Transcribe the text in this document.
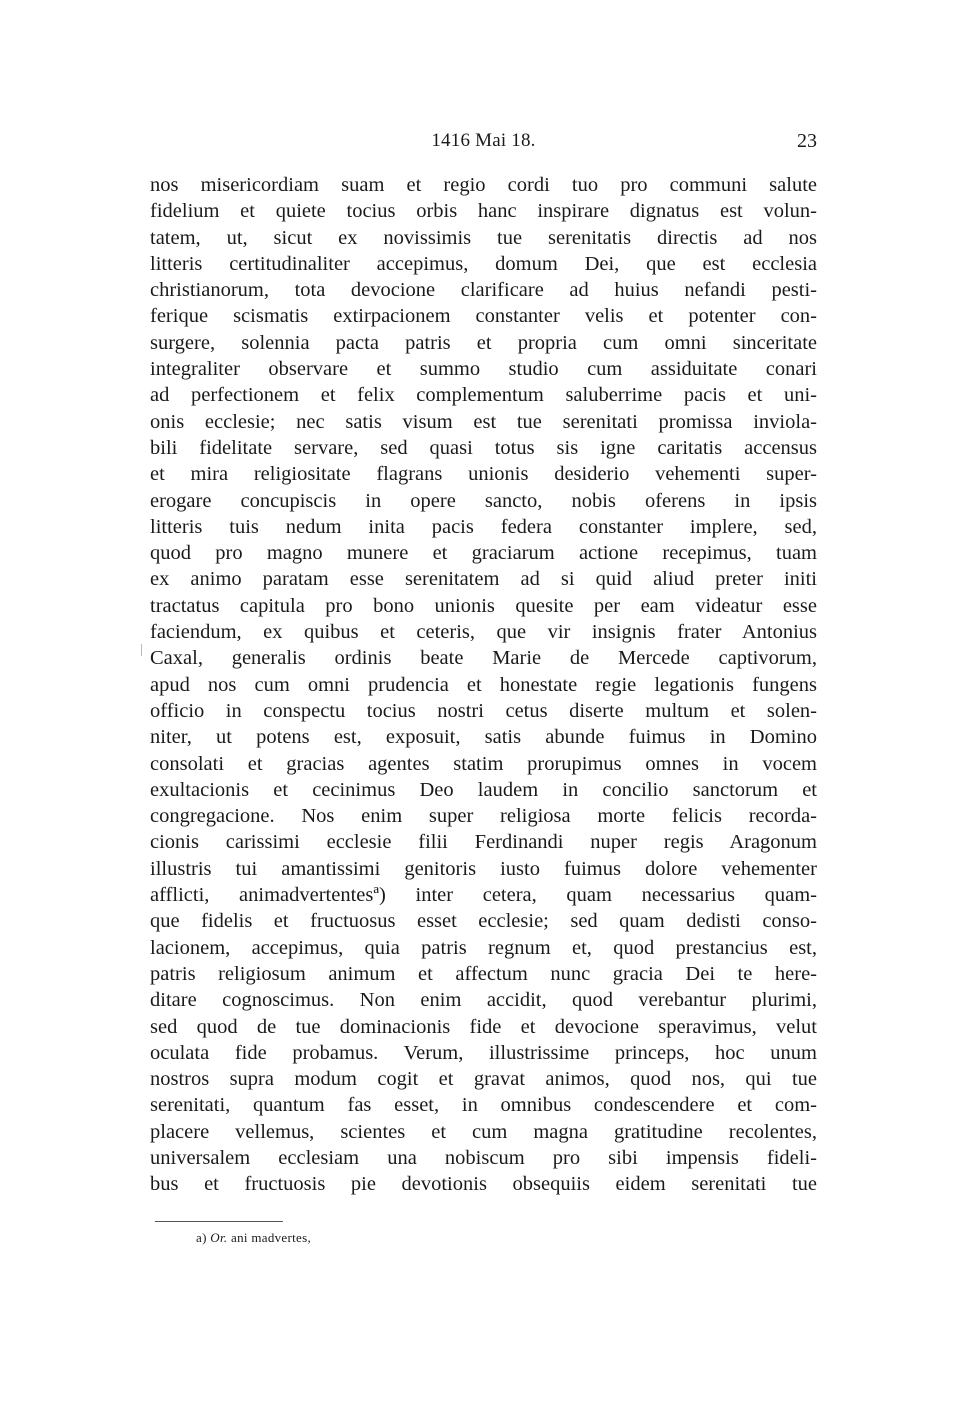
1416 Mai 18.	23
nos misericordiam suam et regio cordi tuo pro communi salute
fidelium et quiete tocius orbis hanc inspirare dignatus est volun-
tatem, ut, sicut ex novissimis tue serenitatis directis ad nos
litteris certitudinaliter accepimus, domum Dei, que est ecclesia
christianorum, tota devocione clarificare ad huius nefandi pesti-
ferique scismatis extirpacionem constanter velis et potenter con-
surgere, solennia pacta patris et propria cum omni sinceritate
integraliter observare et summo studio cum assiduitate conari
ad perfectionem et felix complementum saluberrime pacis et uni-
onis ecclesie; nec satis visum est tue serenitati promissa inviola-
bili fidelitate servare, sed quasi totus sis igne caritatis accensus
et mira religiositate flagrans unionis desiderio vehementi super-
erogare concupiscis in opere sancto, nobis oferens in ipsis
litteris tuis nedum inita pacis federa constanter implere, sed,
quod pro magno munere et graciarum actione recepimus, tuam
ex animo paratam esse serenitatem ad si quid aliud preter initi
tractatus capitula pro bono unionis quesite per eam videatur esse
faciendum, ex quibus et ceteris, que vir insignis frater Antonius
Caxal, generalis ordinis beate Marie de Mercede captivorum,
apud nos cum omni prudencia et honestate regie legationis fungens
officio in conspectu tocius nostri cetus diserte multum et solen-
niter, ut potens est, exposuit, satis abunde fuimus in Domino
consolati et gracias agentes statim prorupimus omnes in vocem
exultacionis et cecinimus Deo laudem in concilio sanctorum et
congregacione. Nos enim super religiosa morte felicis recorda-
cionis carissimi ecclesie filii Ferdinandi nuper regis Aragonum
illustris tui amantissimi genitoris iusto fuimus dolore vehementer
afflicti, animadvertentesª) inter cetera, quam necessarius quam-
que fidelis et fructuosus esset ecclesie; sed quam dedisti conso-
lacionem, accepimus, quia patris regnum et, quod prestancius est,
patris religiosum animum et affectum nunc gracia Dei te here-
ditare cognoscimus. Non enim accidit, quod verebantur plurimi,
sed quod de tue dominacionis fide et devocione speravimus, velut
oculata fide probamus. Verum, illustrissime princeps, hoc unum
nostros supra modum cogit et gravat animos, quod nos, qui tue
serenitati, quantum fas esset, in omnibus condescendere et com-
placere vellemus, scientes et cum magna gratitudine recolentes,
universalem ecclesiam una nobiscum pro sibi impensis fideli-
bus et fructuosis pie devotionis obsequiis eidem serenitati tue
a) Or. ani madvertes,
